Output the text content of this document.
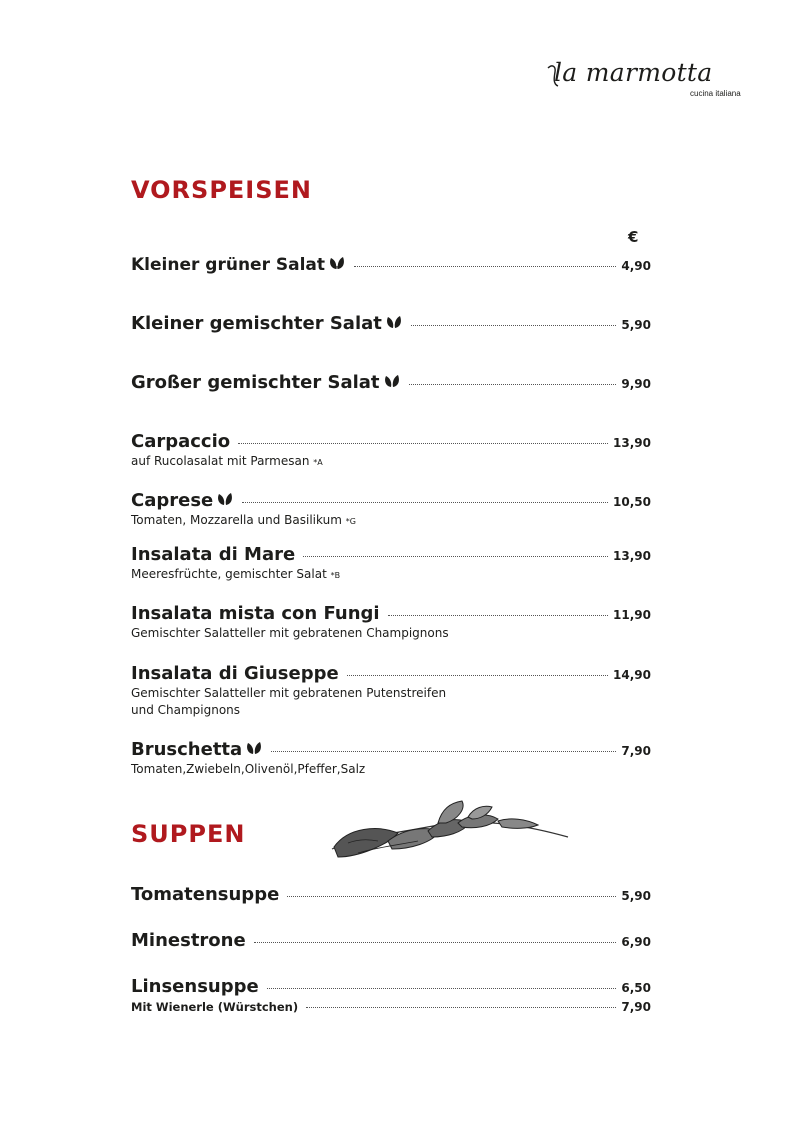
la marmotta
cucina italiana
VORSPEISEN
€
Kleiner grüner Salat	4,90
Kleiner gemischter Salat	5,90
Großer gemischter Salat	9,90
Carpaccio	13,90
auf Rucolasalat mit Parmesan *A
Caprese	10,50
Tomaten, Mozzarella und Basilikum *G
Insalata di Mare	13,90
Meeresfrüchte, gemischter Salat *B
Insalata mista con Fungi	11,90
Gemischter Salatteller mit gebratenen Champignons
Insalata di Giuseppe	14,90
Gemischter Salatteller mit gebratenen Putenstreifen
und Champignons
Bruschetta	7,90
Tomaten,Zwiebeln,Olivenöl,Pfeffer,Salz
SUPPEN
Tomatensuppe	5,90
Minestrone	6,90
Linsensuppe	6,50
Mit Wienerle (Würstchen)	7,90
